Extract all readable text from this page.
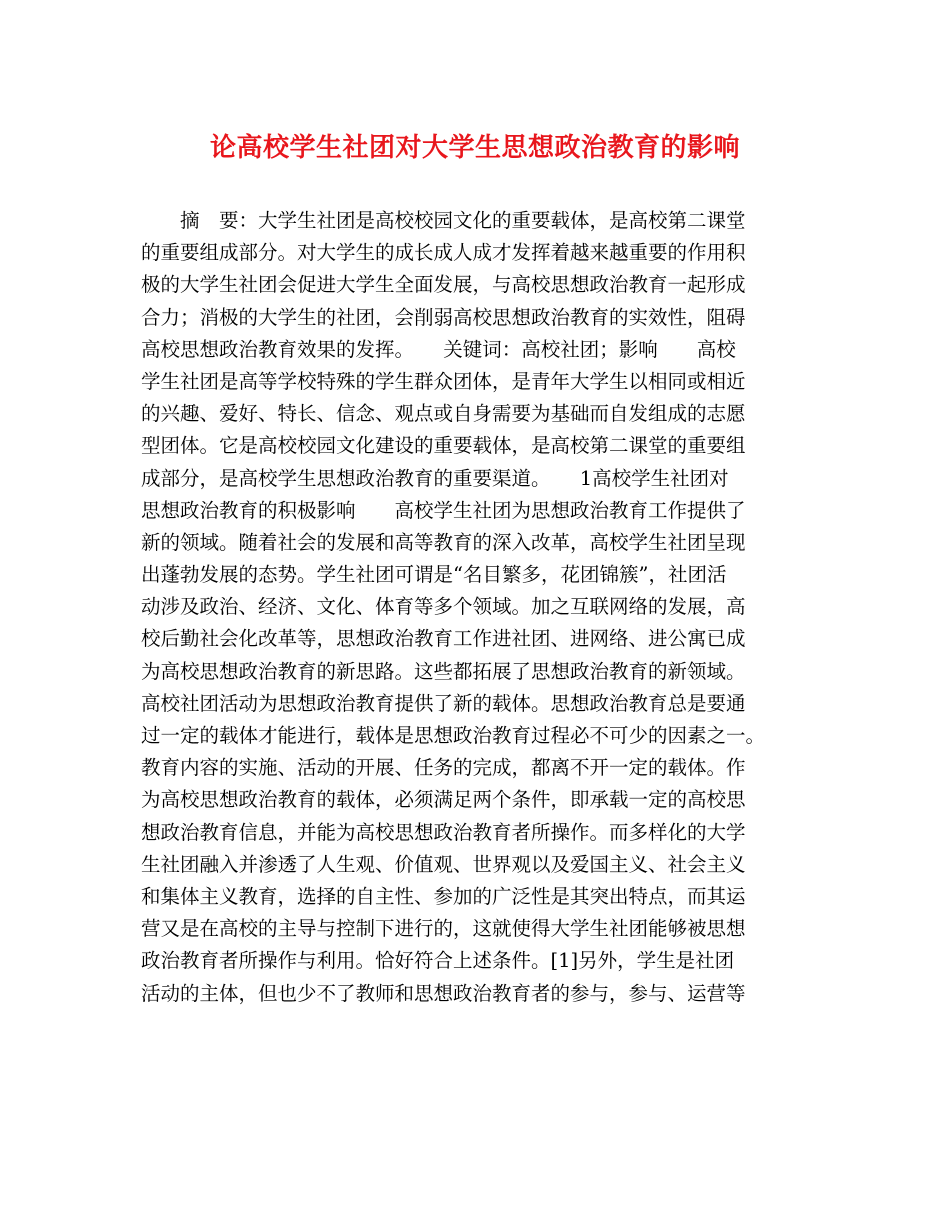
论高校学生社团对大学生思想政治教育的影响
　　摘　要：大学生社团是高校校园文化的重要载体，是高校第二课堂
的重要组成部分。对大学生的成长成人成才发挥着越来越重要的作用积
极的大学生社团会促进大学生全面发展，与高校思想政治教育一起形成
合力；消极的大学生的社团，会削弱高校思想政治教育的实效性，阻碍
高校思想政治教育效果的发挥。　　关键词：高校社团；影响　　高校
学生社团是高等学校特殊的学生群众团体，是青年大学生以相同或相近
的兴趣、爱好、特长、信念、观点或自身需要为基础而自发组成的志愿
型团体。它是高校校园文化建设的重要载体，是高校第二课堂的重要组
成部分，是高校学生思想政治教育的重要渠道。　　1高校学生社团对
思想政治教育的积极影响　　高校学生社团为思想政治教育工作提供了
新的领域。随着社会的发展和高等教育的深入改革，高校学生社团呈现
出蓬勃发展的态势。学生社团可谓是“名目繁多，花团锦簇”，社团活
动涉及政治、经济、文化、体育等多个领域。加之互联网络的发展，高
校后勤社会化改革等，思想政治教育工作进社团、进网络、进公寓已成
为高校思想政治教育的新思路。这些都拓展了思想政治教育的新领域。
高校社团活动为思想政治教育提供了新的载体。思想政治教育总是要通
过一定的载体才能进行，载体是思想政治教育过程必不可少的因素之一。
教育内容的实施、活动的开展、任务的完成，都离不开一定的载体。作
为高校思想政治教育的载体，必须满足两个条件，即承载一定的高校思
想政治教育信息，并能为高校思想政治教育者所操作。而多样化的大学
生社团融入并渗透了人生观、价值观、世界观以及爱国主义、社会主义
和集体主义教育，选择的自主性、参加的广泛性是其突出特点，而其运
营又是在高校的主导与控制下进行的，这就使得大学生社团能够被思想
政治教育者所操作与利用。恰好符合上述条件。[1]另外，学生是社团
活动的主体，但也少不了教师和思想政治教育者的参与，参与、运营等
